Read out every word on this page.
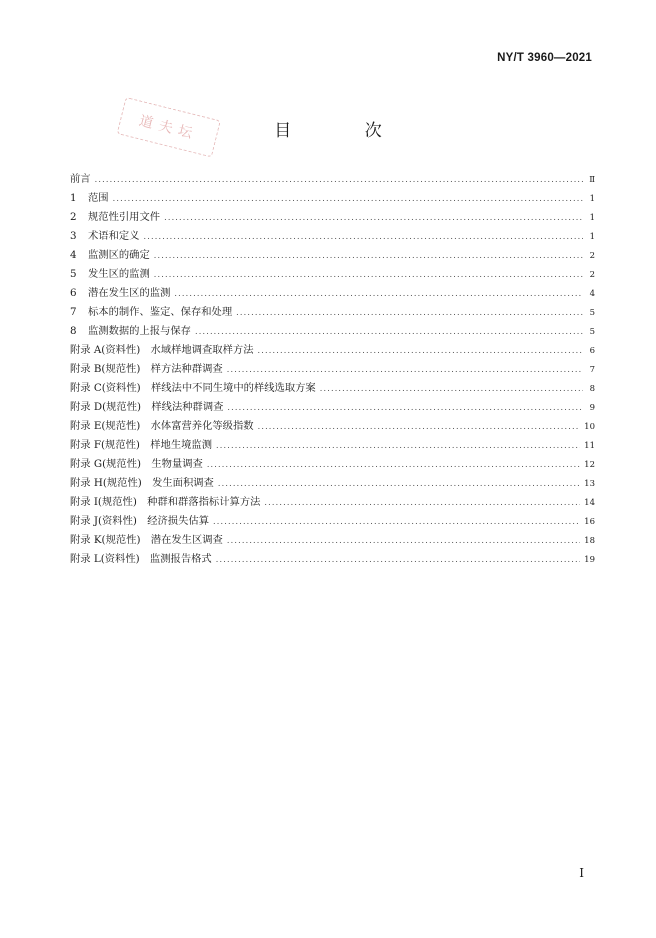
NY/T 3960—2021
道夫坛	目 次
前言 .....	Ⅱ
1	范围 .....	1
2	规范性引用文件 .....	1
3	术语和定义 .....	1
4	监测区的确定 .....	2
5	发生区的监测 .....	2
6	潜在发生区的监测 .....	4
7	标本的制作、鉴定、保存和处理 .....	5
8	监测数据的上报与保存 .....	5
附录 A(资料性)　水域样地调查取样方法 .....	6
附录 B(规范性)　样方法种群调查 .....	7
附录 C(资料性)　样线法中不同生境中的样线选取方案 .....	8
附录 D(规范性)　样线法种群调查 .....	9
附录 E(规范性)　水体富营养化等级指数 .....	10
附录 F(规范性)　样地生境监测 .....	11
附录 G(规范性)　生物量调查 .....	12
附录 H(规范性)　发生面积调查 .....	13
附录 I(规范性)　种群和群落指标计算方法 .....	14
附录 J(资料性)　经济损失估算 .....	16
附录 K(规范性)　潜在发生区调查 .....	18
附录 L(资料性)　监测报告格式 .....	19
I
